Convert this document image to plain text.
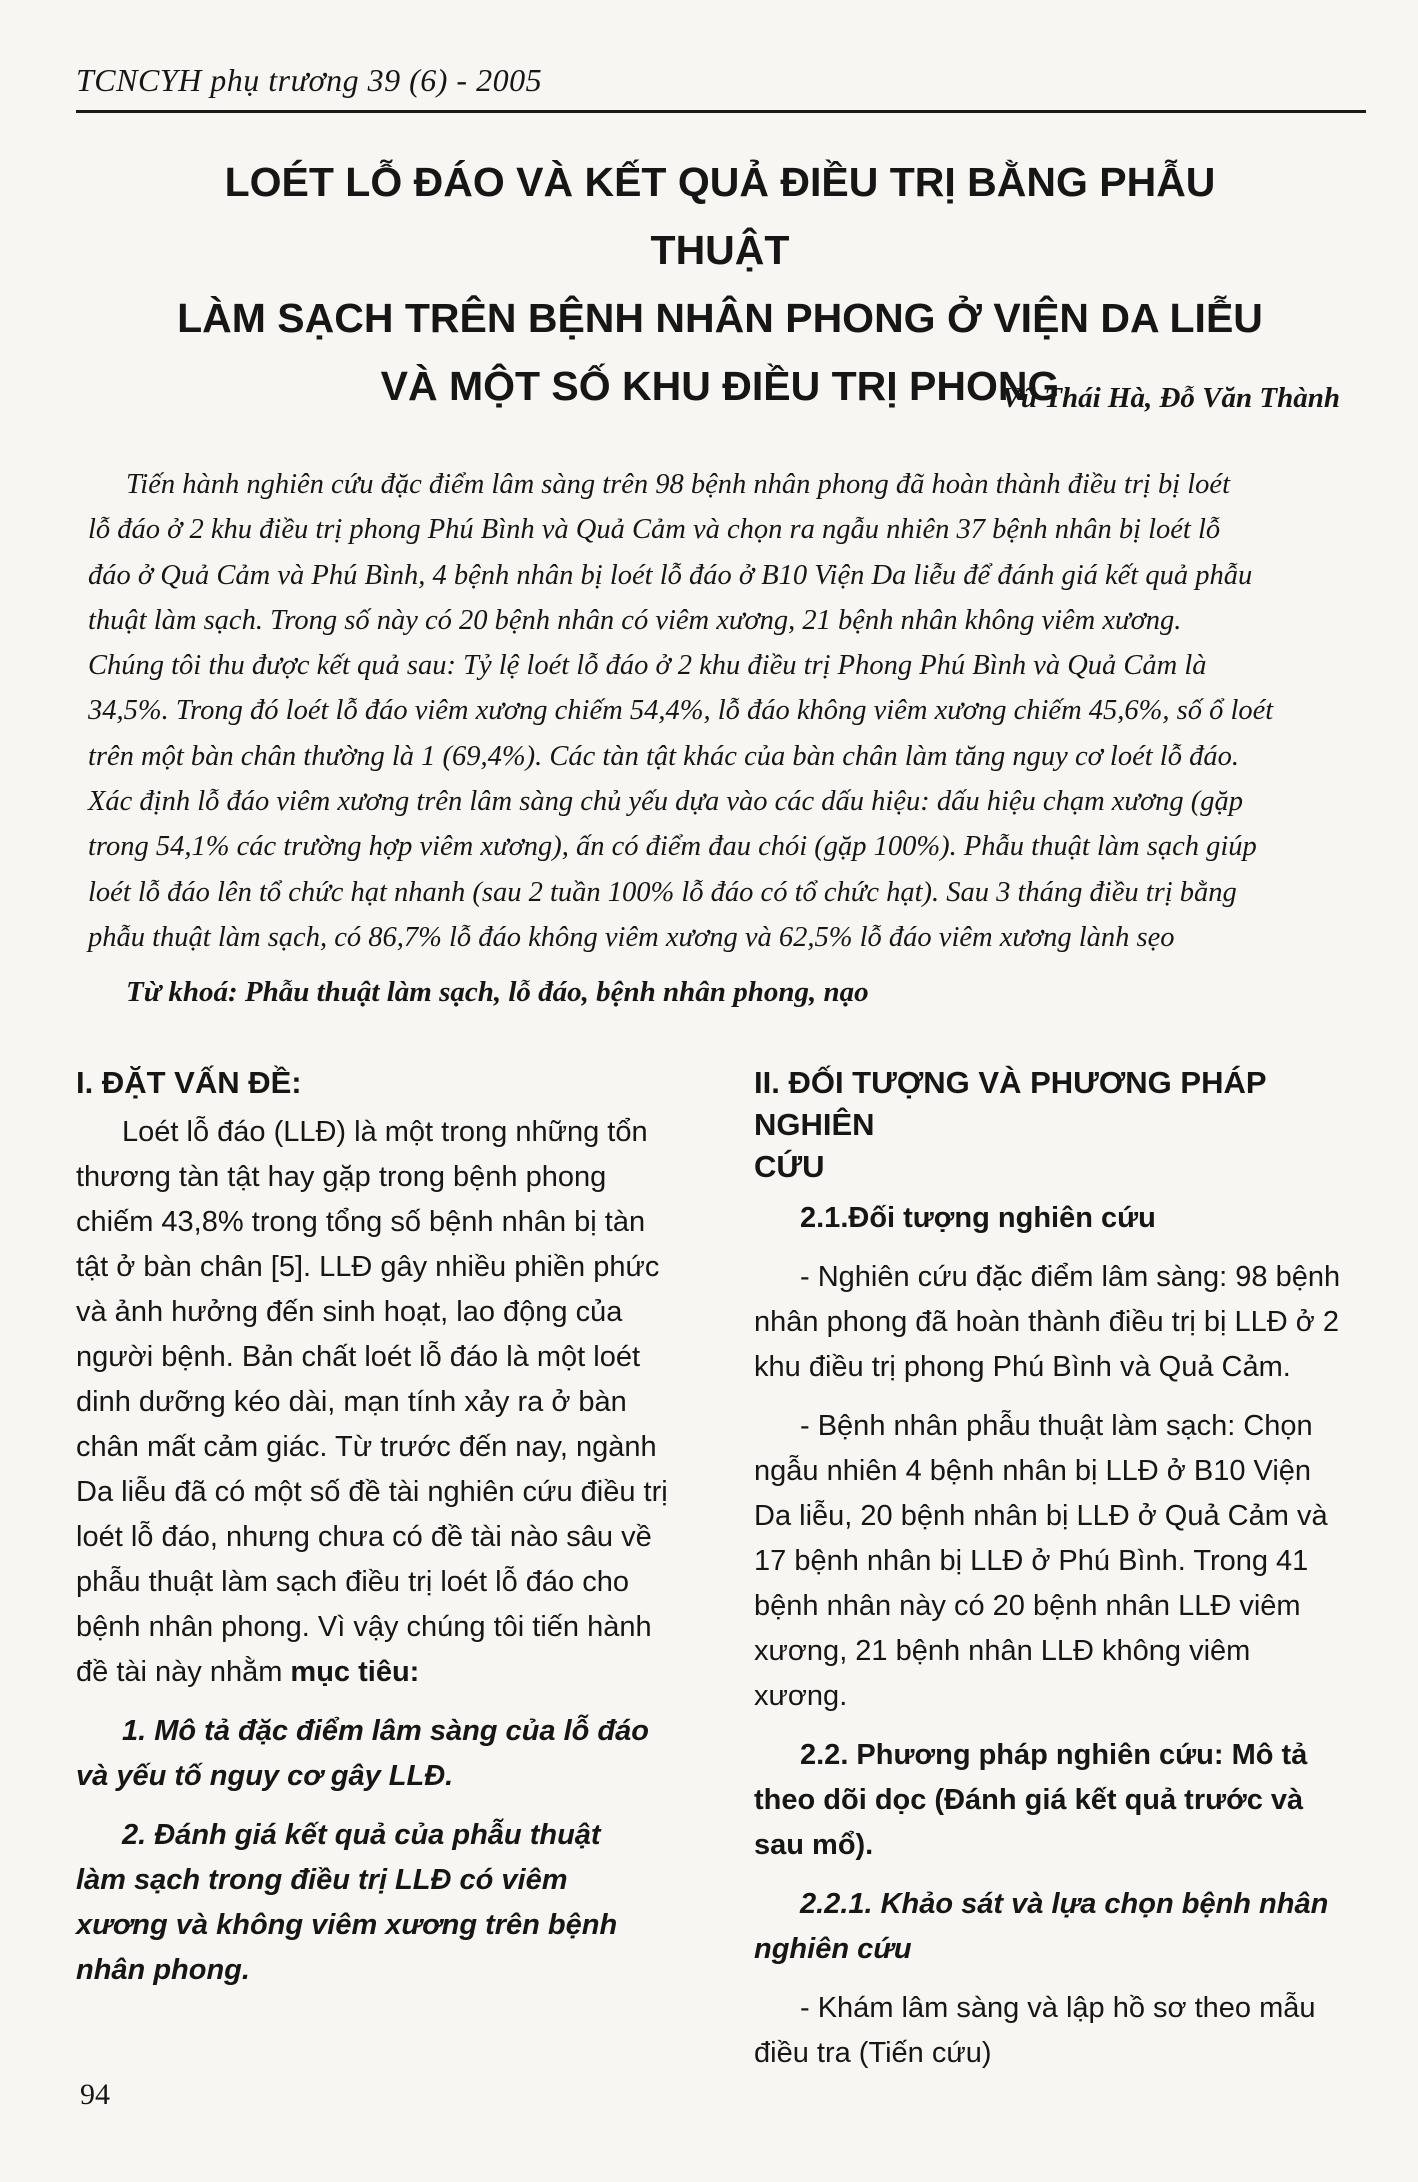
TCNCYH phụ trương 39 (6) - 2005
LOÉT LỖ ĐÁO VÀ KẾT QUẢ ĐIỀU TRỊ BẰNG PHẪU THUẬT
LÀM SẠCH TRÊN BỆNH NHÂN PHONG Ở VIỆN DA LIỄU
VÀ MỘT SỐ KHU ĐIỀU TRỊ PHONG
Vũ Thái Hà, Đỗ Văn Thành
Tiến hành nghiên cứu đặc điểm lâm sàng trên 98 bệnh nhân phong đã hoàn thành điều trị bị loét
lỗ đáo ở 2 khu điều trị phong Phú Bình và Quả Cảm và chọn ra ngẫu nhiên 37 bệnh nhân bị loét lỗ
đáo ở Quả Cảm và Phú Bình, 4 bệnh nhân bị loét lỗ đáo ở B10 Viện Da liễu để đánh giá kết quả phẫu
thuật làm sạch. Trong số này có 20 bệnh nhân có viêm xương, 21 bệnh nhân không viêm xương.
Chúng tôi thu được kết quả sau: Tỷ lệ loét lỗ đáo ở 2 khu điều trị Phong Phú Bình và Quả Cảm là
34,5%. Trong đó loét lỗ đáo viêm xương chiếm 54,4%, lỗ đáo không viêm xương chiếm 45,6%, số ổ loét
trên một bàn chân thường là 1 (69,4%). Các tàn tật khác của bàn chân làm tăng nguy cơ loét lỗ đáo.
Xác định lỗ đáo viêm xương trên lâm sàng chủ yếu dựa vào các dấu hiệu: dấu hiệu chạm xương (gặp
trong 54,1% các trường hợp viêm xương), ấn có điểm đau chói (gặp 100%). Phẫu thuật làm sạch giúp
loét lỗ đáo lên tổ chức hạt nhanh (sau 2 tuần 100% lỗ đáo có tổ chức hạt). Sau 3 tháng điều trị bằng
phẫu thuật làm sạch, có 86,7% lỗ đáo không viêm xương và 62,5% lỗ đáo viêm xương lành sẹo
Từ khoá: Phẫu thuật làm sạch, lỗ đáo, bệnh nhân phong, nạo
I. ĐẶT VẤN ĐỀ:
Loét lỗ đáo (LLĐ) là một trong những tổn
thương tàn tật hay gặp trong bệnh phong
chiếm 43,8% trong tổng số bệnh nhân bị tàn
tật ở bàn chân [5]. LLĐ gây nhiều phiền phức
và ảnh hưởng đến sinh hoạt, lao động của
người bệnh. Bản chất loét lỗ đáo là một loét
dinh dưỡng kéo dài, mạn tính xảy ra ở bàn
chân mất cảm giác. Từ trước đến nay, ngành
Da liễu đã có một số đề tài nghiên cứu điều trị
loét lỗ đáo, nhưng chưa có đề tài nào sâu về
phẫu thuật làm sạch điều trị loét lỗ đáo cho
bệnh nhân phong. Vì vậy chúng tôi tiến hành
đề tài này nhằm mục tiêu:
1. Mô tả đặc điểm lâm sàng của lỗ đáo
và yếu tố nguy cơ gây LLĐ.
2. Đánh giá kết quả của phẫu thuật
làm sạch trong điều trị LLĐ có viêm
xương và không viêm xương trên bệnh
nhân phong.
II. ĐỐI TƯỢNG VÀ PHƯƠNG PHÁP NGHIÊN
CỨU
2.1.Đối tượng nghiên cứu
- Nghiên cứu đặc điểm lâm sàng: 98 bệnh
nhân phong đã hoàn thành điều trị bị LLĐ ở 2
khu điều trị phong Phú Bình và Quả Cảm.
- Bệnh nhân phẫu thuật làm sạch: Chọn
ngẫu nhiên 4 bệnh nhân bị LLĐ ở B10 Viện
Da liễu, 20 bệnh nhân bị LLĐ ở Quả Cảm và
17 bệnh nhân bị LLĐ ở Phú Bình. Trong 41
bệnh nhân này có 20 bệnh nhân LLĐ viêm
xương, 21 bệnh nhân LLĐ không viêm
xương.
2.2. Phương pháp nghiên cứu: Mô tả
theo dõi dọc (Đánh giá kết quả trước và
sau mổ).
2.2.1. Khảo sát và lựa chọn bệnh nhân
nghiên cứu
- Khám lâm sàng và lập hồ sơ theo mẫu
điều tra (Tiến cứu)
94
